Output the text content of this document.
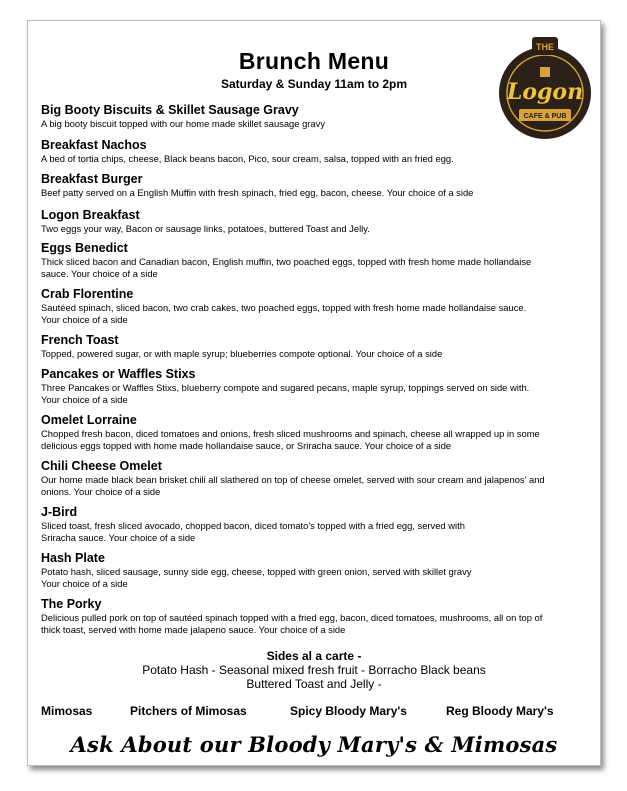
Brunch Menu
Saturday & Sunday 11am to 2pm
THE
Logon
CAFE & PUB
Big Booty Biscuits & Skillet Sausage Gravy
A big booty biscuit topped with our home made skillet sausage gravy
Breakfast Nachos
A bed of tortia chips, cheese, Black beans bacon, Pico, sour cream, salsa, topped with an fried egg.
Breakfast Burger
Beef patty served on a English Muffin with fresh spinach, fried egg, bacon, cheese. Your choice of a side
Logon Breakfast
Two eggs your way, Bacon or sausage links, potatoes, buttered Toast and Jelly.
Eggs Benedict
Thick sliced bacon and Canadian bacon, English muffin, two poached eggs, topped with fresh home made hollandaise
sauce. Your choice of a side
Crab Florentine
Sautéed spinach, sliced bacon, two crab cakes, two poached eggs, topped with fresh home made hollandaise sauce.
Your choice of a side
French Toast
Topped, powered sugar, or with maple syrup; blueberries compote optional. Your choice of a side
Pancakes or Waffles Stixs
Three Pancakes or Waffles Stixs, blueberry compote and sugared pecans, maple syrup, toppings served on side with.
Your choice of a side
Omelet Lorraine
Chopped fresh bacon, diced tomatoes and onions, fresh sliced mushrooms and spinach, cheese all wrapped up in some
delicious eggs topped with home made hollandaise sauce, or Srirachа sauce. Your choice of a side
Chili Cheese Omelet
Our home made black bean brisket chili all slathered on top of cheese omelet, served with sour cream and jalapenos' and
onions. Your choice of a side
J-Bird
Sliced toast, fresh sliced avocado, chopped bacon, diced tomato's topped with a fried egg, served with
Sriracha sauce. Your choice of a side
Hash Plate
Potato hash, sliced sausage, sunny side egg, cheese, topped with green onion, served with skillet gravy
Your choice of a side
The Porky
Delicious pulled pork on top of sautéed spinach topped with a fried egg, bacon, diced tomatoes, mushrooms, all on top of
thick toast, served with home made jalapeno sauce. Your choice of a side
Sides al a carte -
Potato Hash - Seasonal mixed fresh fruit - Borracho Black beans
Buttered Toast and Jelly -
Mimosas	Pitchers of Mimosas	Spicy Bloody Mary's	Reg Bloody Mary's
Ask About our Bloody Mary's & Mimosas
